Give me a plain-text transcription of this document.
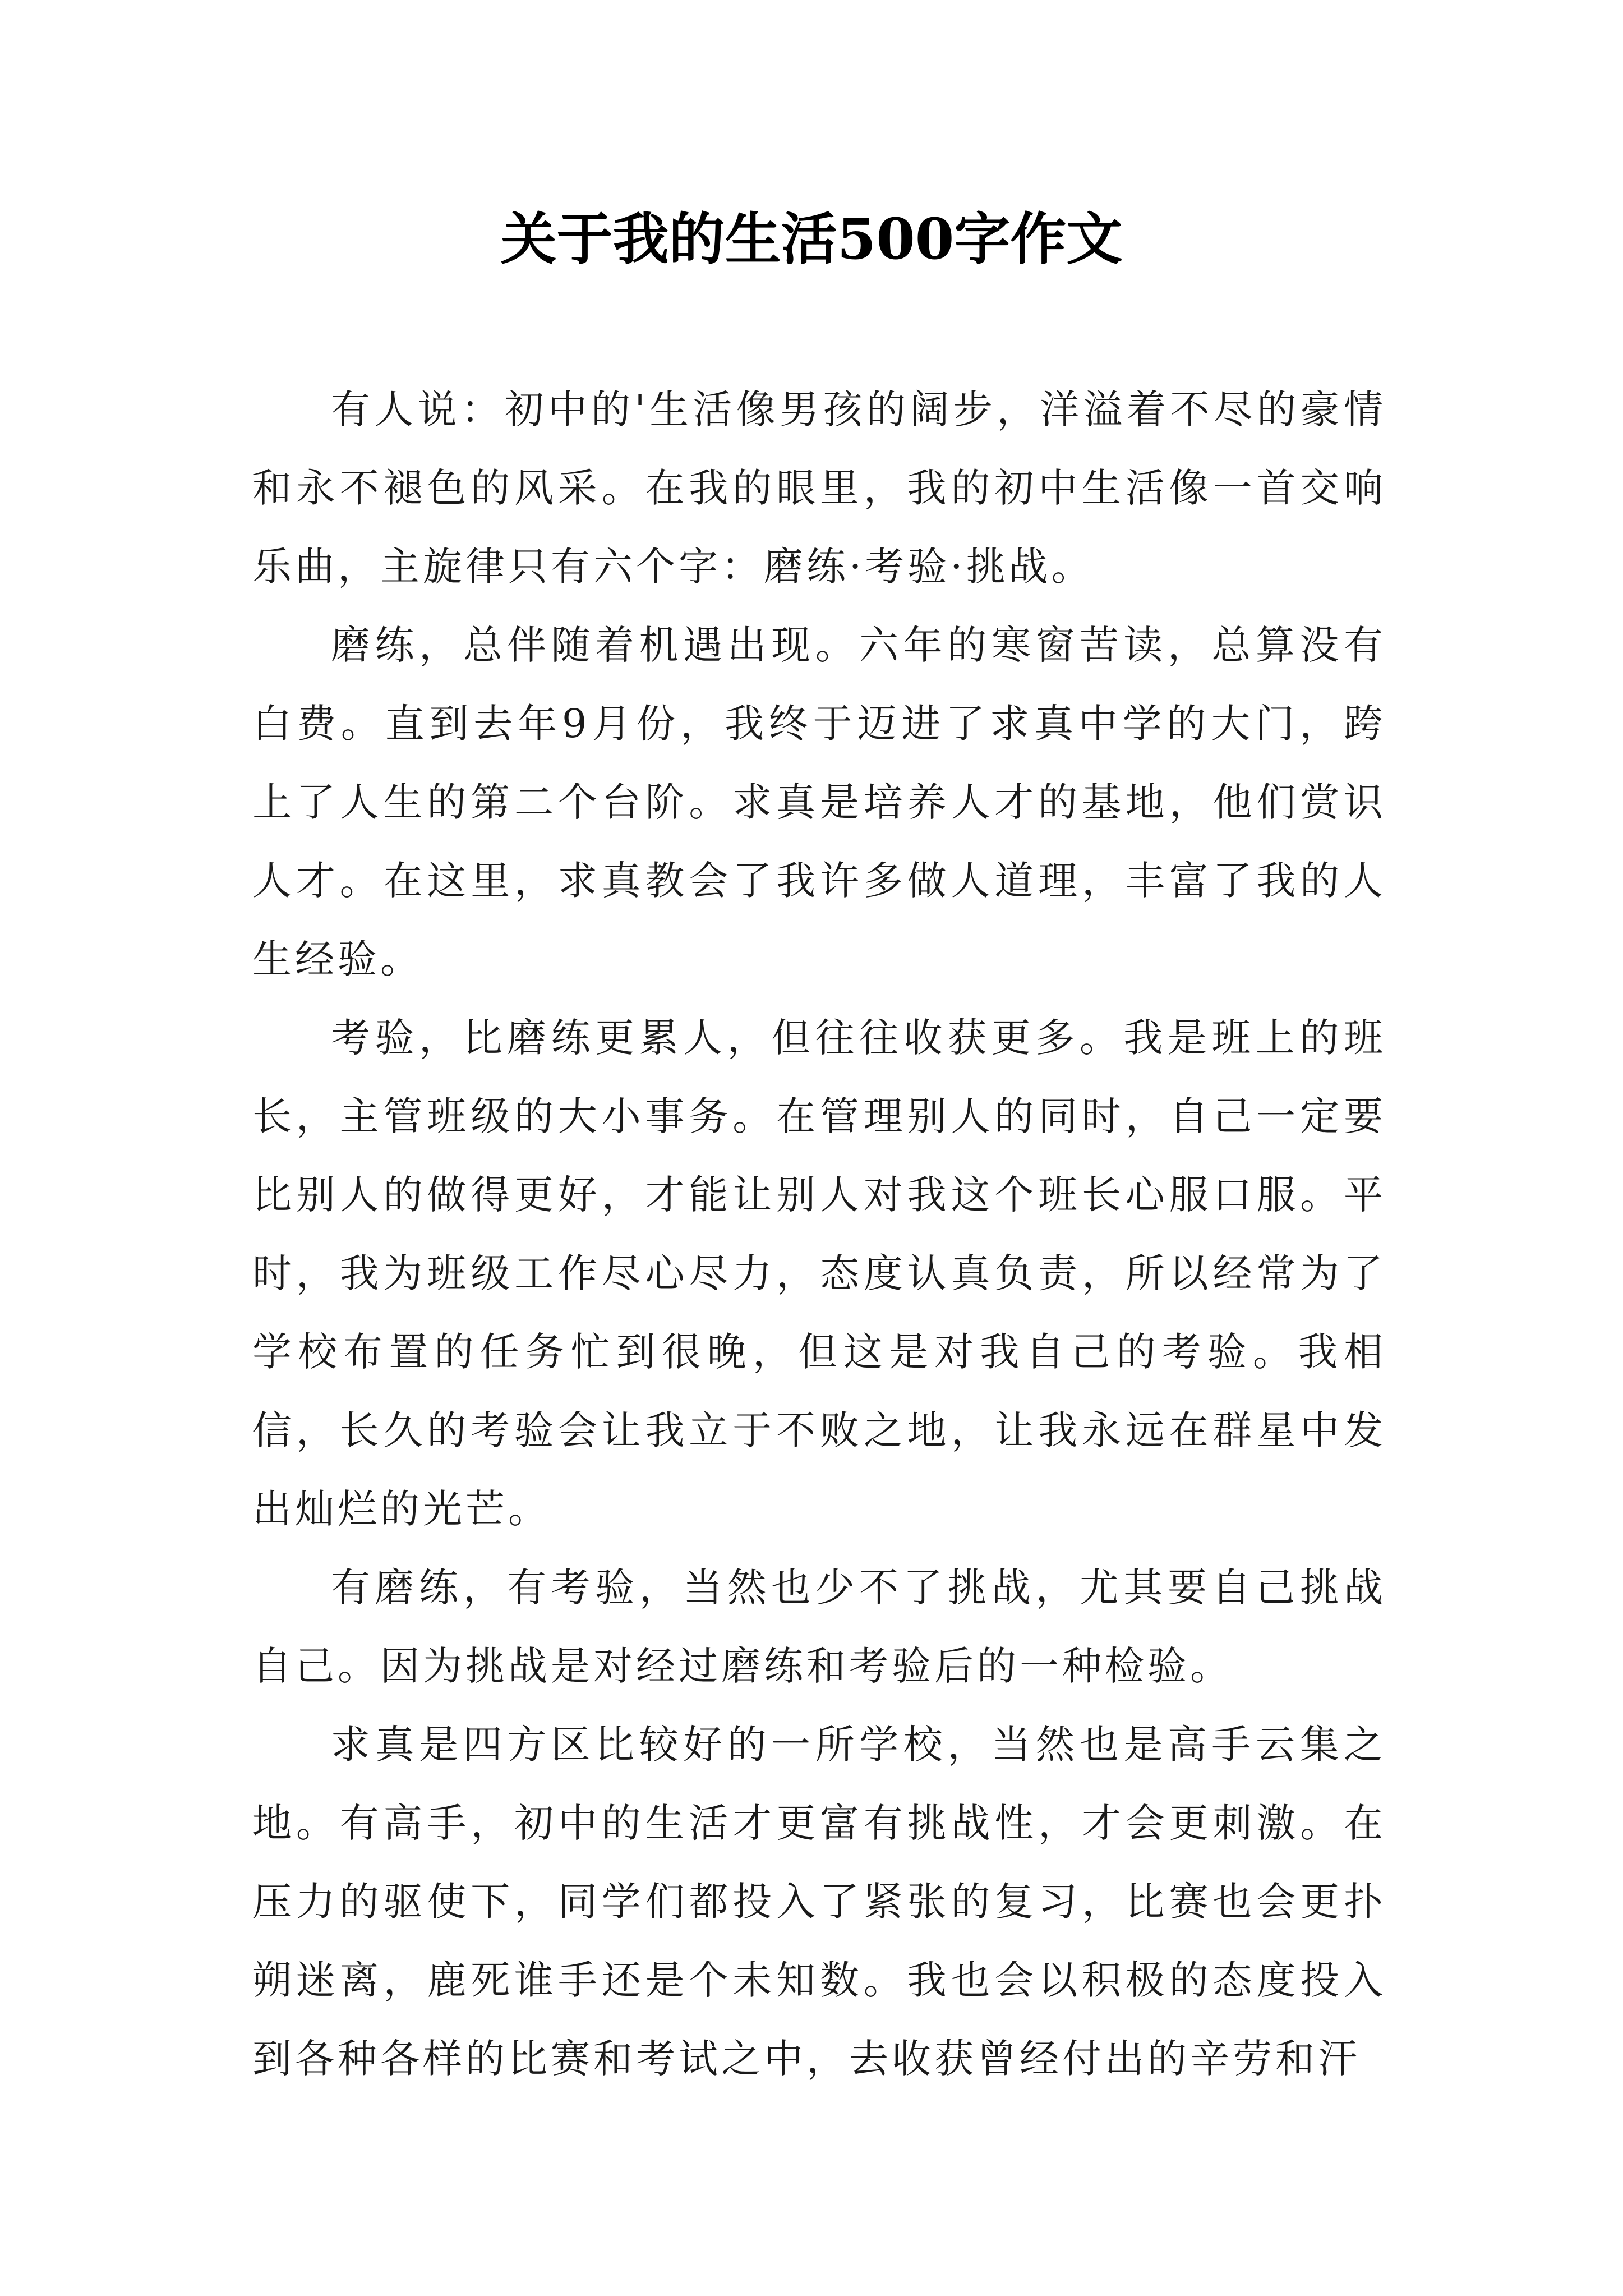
关于我的生活500字作文

有人说：初中的'生活像男孩的阔步，洋溢着不尽的豪情和永不褪色的风采。在我的眼里，我的初中生活像一首交响乐曲，主旋律只有六个字：磨练·考验·挑战。

磨练，总伴随着机遇出现。六年的寒窗苦读，总算没有白费。直到去年9月份，我终于迈进了求真中学的大门，跨上了人生的第二个台阶。求真是培养人才的基地，他们赏识人才。在这里，求真教会了我许多做人道理，丰富了我的人生经验。

考验，比磨练更累人，但往往收获更多。我是班上的班长，主管班级的大小事务。在管理别人的同时，自己一定要比别人的做得更好，才能让别人对我这个班长心服口服。平时，我为班级工作尽心尽力，态度认真负责，所以经常为了学校布置的任务忙到很晚，但这是对我自己的考验。我相信，长久的考验会让我立于不败之地，让我永远在群星中发出灿烂的光芒。

有磨练，有考验，当然也少不了挑战，尤其要自己挑战自己。因为挑战是对经过磨练和考验后的一种检验。

求真是四方区比较好的一所学校，当然也是高手云集之地。有高手，初中的生活才更富有挑战性，才会更刺激。在压力的驱使下，同学们都投入了紧张的复习，比赛也会更扑朔迷离，鹿死谁手还是个未知数。我也会以积极的态度投入到各种各样的比赛和考试之中，去收获曾经付出的辛劳和汗
